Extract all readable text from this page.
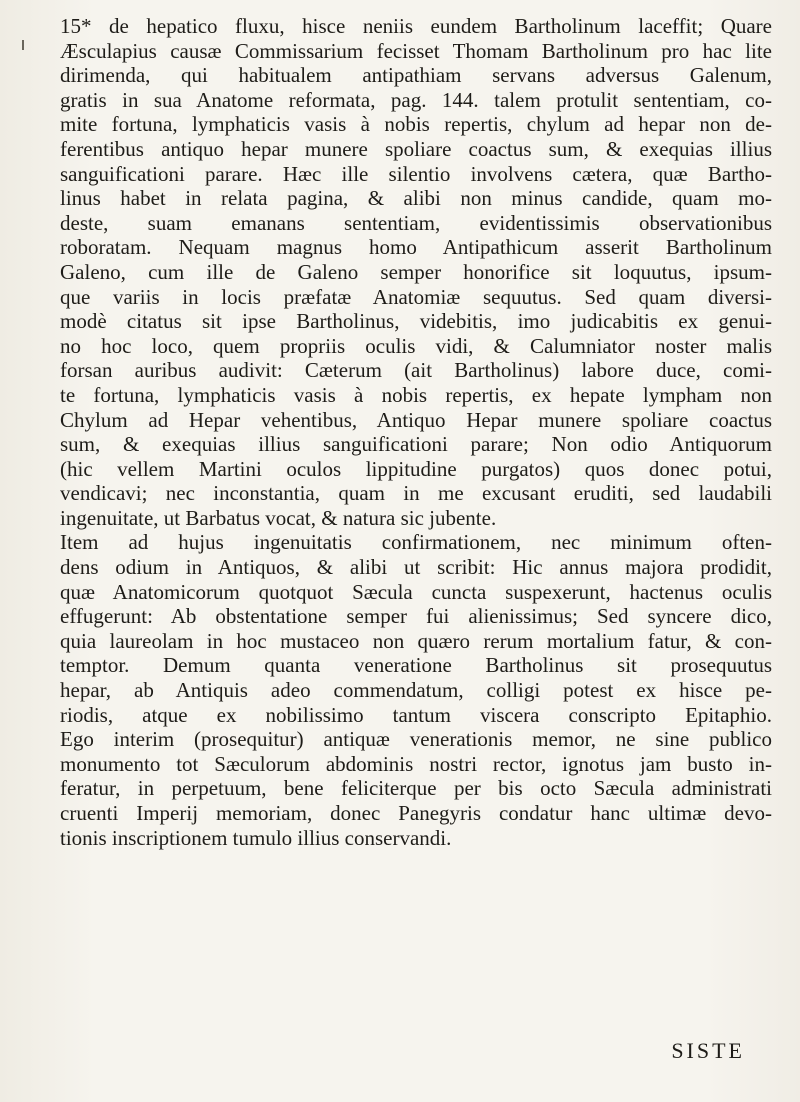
15* de hepatico fluxu, hisce neniis eundem Bartholinum laceffit; Quare
Æsculapius causæ Commissarium fecisset Thomam Bartholinum pro hac lite
dirimenda, qui habitualem antipathiam servans adversus Galenum,
gratis in sua Anatome reformata, pag. 144. talem protulit sententiam, co-
mite fortuna, lymphaticis vasis à nobis repertis, chylum ad hepar non de-
ferentibus antiquo hepar munere spoliare coactus sum, & exequias illius
sanguificationi parare. Hæc ille silentio involvens cætera, quæ Bartho-
linus habet in relata pagina, & alibi non minus candide, quam mo-
deste, suam emanans sententiam, evidentissimis observationibus
roboratam. Nequam magnus homo Antipathicum asserit Bartholinum
Galeno, cum ille de Galeno semper honorifice sit loquutus, ipsum-
que variis in locis præfatæ Anatomiæ sequutus. Sed quam diversi-
modè citatus sit ipse Bartholinus, videbitis, imo judicabitis ex genui-
no hoc loco, quem propriis oculis vidi, & Calumniator noster malis
forsan auribus audivit: Cæterum (ait Bartholinus) labore duce, comi-
te fortuna, lymphaticis vasis à nobis repertis, ex hepate lympham non
Chylum ad Hepar vehentibus, Antiquo Hepar munere spoliare coactus
sum, & exequias illius sanguificationi parare; Non odio Antiquorum
(hic vellem Martini oculos lippitudine purgatos) quos donec potui,
vendicavi; nec inconstantia, quam in me excusant eruditi, sed laudabili
ingenuitate, ut Barbatus vocat, & natura sic jubente.
Item ad hujus ingenuitatis confirmationem, nec minimum often-
dens odium in Antiquos, & alibi ut scribit: Hic annus majora prodidit,
quæ Anatomicorum quotquot Sæcula cuncta suspexerunt, hactenus oculis
effugerunt: Ab obstentatione semper fui alienissimus; Sed syncere dico,
quia laureolam in hoc mustaceo non quæro rerum mortalium fatur, & con-
temptor. Demum quanta veneratione Bartholinus sit prosequutus
hepar, ab Antiquis adeo commendatum, colligi potest ex hisce pe-
riodis, atque ex nobilissimo tantum viscera conscripto Epitaphio.
Ego interim (prosequitur) antiquæ venerationis memor, ne sine publico
monumento tot Sæculorum abdominis nostri rector, ignotus jam busto in-
feratur, in perpetuum, bene feliciterque per bis octo Sæcula administrati
cruenti Imperij memoriam, donec Panegyris condatur hanc ultimæ devo-
tionis inscriptionem tumulo illius conservandi.
SISTE
